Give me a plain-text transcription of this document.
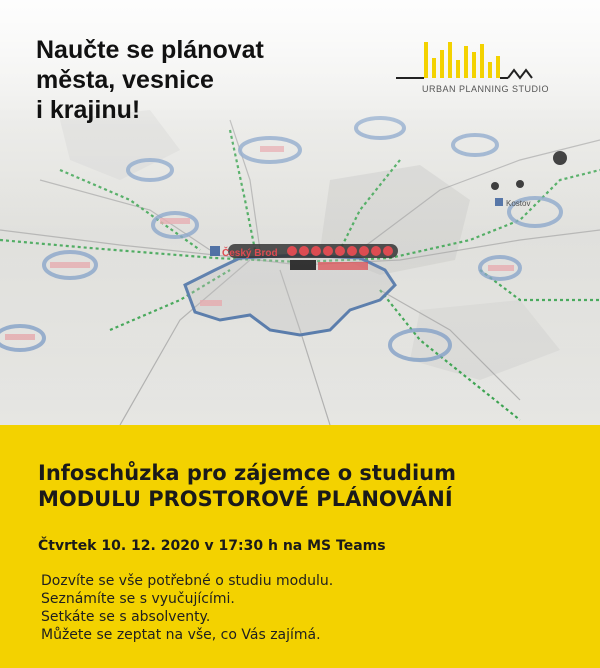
Naučte se plánovat
města, vesnice
i krajinu!
URBAN PLANNING STUDIO
Infoschůzka pro zájemce o studium
MODULU PROSTOROVÉ PLÁNOVÁNÍ
Čtvrtek 10. 12. 2020 v 17:30 h na MS Teams
Dozvíte se vše potřebné o studiu modulu.
Seznámíte se s vyučujícími.
Setkáte se s absolventy.
Můžete se zeptat na vše, co Vás zajímá.
